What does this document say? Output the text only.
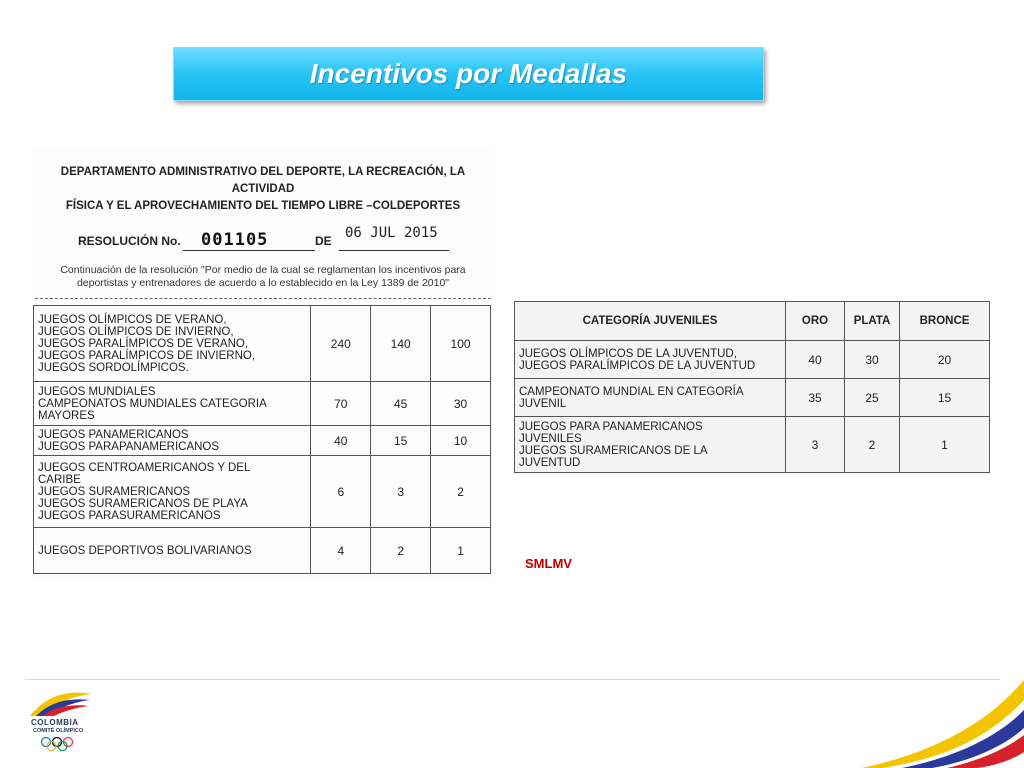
Incentivos por Medallas
DEPARTAMENTO ADMINISTRATIVO DEL DEPORTE, LA RECREACIÓN, LA ACTIVIDAD
FÍSICA Y EL APROVECHAMIENTO DEL TIEMPO LIBRE –COLDEPORTES
RESOLUCIÓN No. 001105	DE 06 JUL 2015
Continuación de la resolución "Por medio de la cual se reglamentan los incentivos para
deportistas y entrenadores de acuerdo a lo establecido en la Ley 1389 de 2010"
JUEGOS OLÍMPICOS DE VERANO,
JUEGOS OLÍMPICOS DE INVIERNO,
JUEGOS PARALÍMPICOS DE VERANO,
JUEGOS PARALÍMPICOS DE INVIERNO,
JUEGOS SORDOLÍMPICOS.	240	140	100

JUEGOS MUNDIALES
CAMPEONATOS MUNDIALES CATEGORIA
MAYORES	70	45	30

JUEGOS PANAMERICANOS
JUEGOS PARAPANAMERICANOS	40	15	10

JUEGOS CENTROAMERICANOS Y DEL
CARIBE
JUEGOS SURAMERICANOS
JUEGOS SURAMERICANOS DE PLAYA
JUEGOS PARASURAMERICANOS	6	3	2

JUEGOS DEPORTIVOS BOLIVARIANOS	4	2	1
CATEGORÍA JUVENILES	ORO	PLATA	BRONCE

JUEGOS OLÍMPICOS DE LA JUVENTUD,
JUEGOS PARALÍMPICOS DE LA JUVENTUD	40	30	20

CAMPEONATO MUNDIAL EN CATEGORÍA
JUVENIL	35	25	15

JUEGOS PARA PANAMERICANOS
JUVENILES
JUEGOS SURAMERICANOS DE LA
JUVENTUD	3	2	1
SMLMV
COLOMBIA
COMITÉ OLÍMPICO
